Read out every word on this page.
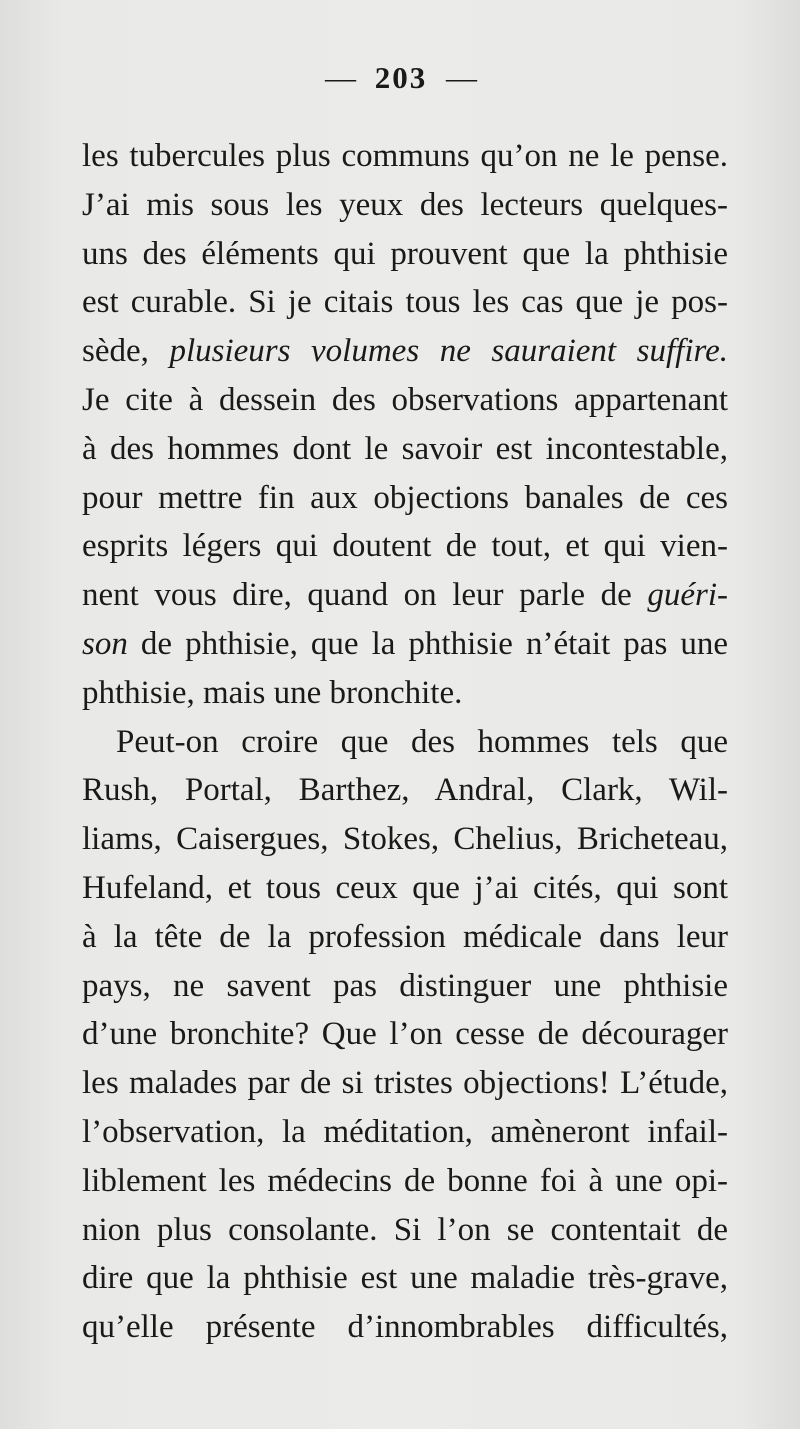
— 203 —
les tubercules plus communs qu’on ne le pense.
J’ai mis sous les yeux des lecteurs quelques-
uns des éléments qui prouvent que la phthisie
est curable. Si je citais tous les cas que je pos-
sède, plusieurs volumes ne sauraient suffire.
Je cite à dessein des observations appartenant
à des hommes dont le savoir est incontestable,
pour mettre fin aux objections banales de ces
esprits légers qui doutent de tout, et qui vien-
nent vous dire, quand on leur parle de guéri-
son de phthisie, que la phthisie n’était pas une
phthisie, mais une bronchite.
Peut-on croire que des hommes tels que
Rush, Portal, Barthez, Andral, Clark, Wil-
liams, Caisergues, Stokes, Chelius, Bricheteau,
Hufeland, et tous ceux que j’ai cités, qui sont
à la tête de la profession médicale dans leur
pays, ne savent pas distinguer une phthisie
d’une bronchite? Que l’on cesse de décourager
les malades par de si tristes objections! L’étude,
l’observation, la méditation, amèneront infail-
liblement les médecins de bonne foi à une opi-
nion plus consolante. Si l’on se contentait de
dire que la phthisie est une maladie très-grave,
qu’elle présente d’innombrables difficultés,
